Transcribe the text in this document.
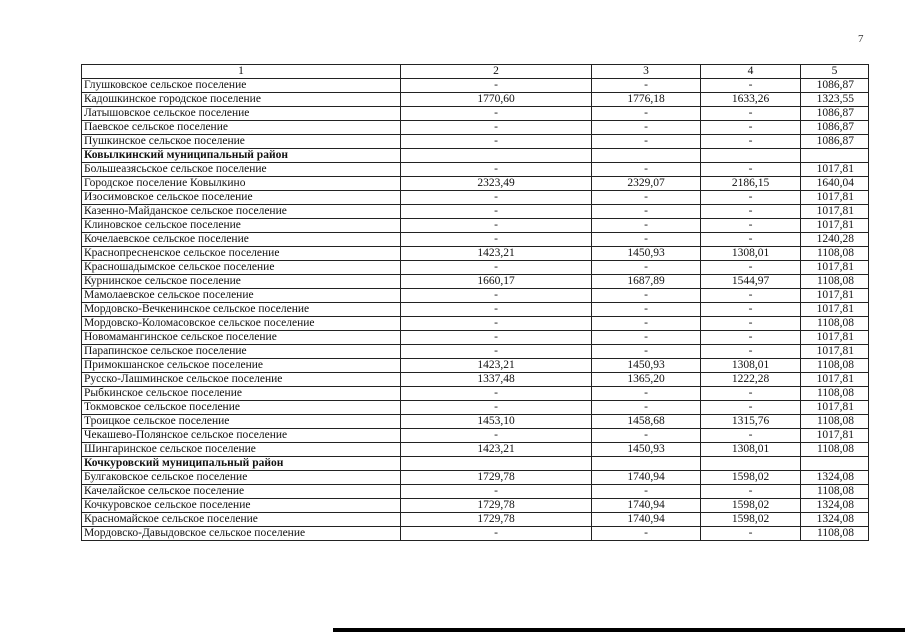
7
1	2	3	4	5
Глушковское сельское поселение	-	-	-	1086,87
Кадошкинское городское поселение	1770,60	1776,18	1633,26	1323,55
Латышовское сельское поселение	-	-	-	1086,87
Паевское сельское поселение	-	-	-	1086,87
Пушкинское сельское поселение	-	-	-	1086,87
Ковылкинский муниципальный район				
Большеазясьское сельское поселение	-	-	-	1017,81
Городское поселение Ковылкино	2323,49	2329,07	2186,15	1640,04
Изосимовское сельское поселение	-	-	-	1017,81
Казенно-Майданское сельское поселение	-	-	-	1017,81
Клиновское сельское поселение	-	-	-	1017,81
Кочелаевское сельское поселение	-	-	-	1240,28
Краснопресненское сельское поселение	1423,21	1450,93	1308,01	1108,08
Красношадымское сельское поселение	-	-	-	1017,81
Курнинское сельское поселение	1660,17	1687,89	1544,97	1108,08
Мамолаевское сельское поселение	-	-	-	1017,81
Мордовско-Вечкенинское сельское поселение	-	-	-	1017,81
Мордовско-Коломасовское сельское поселение	-	-	-	1108,08
Новомамангинское сельское поселение	-	-	-	1017,81
Парапинское сельское поселение	-	-	-	1017,81
Примокшанское сельское поселение	1423,21	1450,93	1308,01	1108,08
Русско-Лашминское сельское поселение	1337,48	1365,20	1222,28	1017,81
Рыбкинское сельское поселение	-	-	-	1108,08
Токмовское сельское поселение	-	-	-	1017,81
Троицкое сельское поселение	1453,10	1458,68	1315,76	1108,08
Чекашево-Полянское сельское поселение	-	-	-	1017,81
Шингаринское сельское поселение	1423,21	1450,93	1308,01	1108,08
Кочкуровский муниципальный район				
Булгаковское сельское поселение	1729,78	1740,94	1598,02	1324,08
Качелайское сельское поселение	-	-	-	1108,08
Кочкуровское сельское поселение	1729,78	1740,94	1598,02	1324,08
Красномайское сельское поселение	1729,78	1740,94	1598,02	1324,08
Мордовско-Давыдовское сельское поселение	-	-	-	1108,08
